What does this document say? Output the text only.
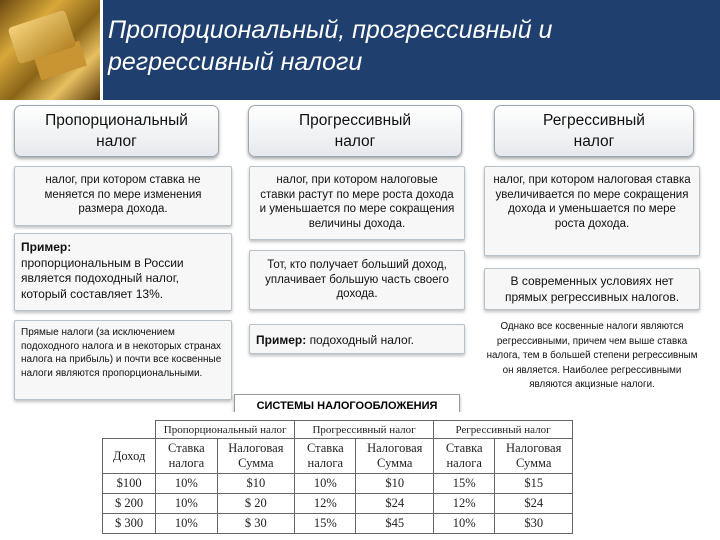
Пропорциональный, прогрессивный и
регрессивный налоги
Пропорциональный
налог
Прогрессивный
налог
Регрессивный
налог
налог, при котором ставка не меняется по мере изменения размера дохода.
Пример:
пропорциональным в России является подоходный налог, который составляет 13%.
Прямые налоги (за исключением подоходного налога и в некоторых странах налога на прибыль) и почти все косвенные налоги являются пропорциональными.
налог, при котором налоговые ставки растут по мере роста дохода и уменьшается по мере сокращения величины дохода.
Тот, кто получает больший доход, уплачивает большую часть своего дохода.
Пример: подоходный налог.
налог, при котором налоговая ставка увеличивается по мере сокращения дохода и уменьшается по мере роста дохода.
В современных условиях нет прямых регрессивных налогов.
Однако все косвенные налоги являются регрессивными, причем чем выше ставка налога, тем в большей степени регрессивным он является. Наиболее регрессивными являются акцизные налоги.
СИСТЕМЫ НАЛОГООБЛОЖЕНИЯ
	Пропорциональный налог		Прогрессивный налог		Регрессивный налог	
Доход	Ставка налога	Налоговая Сумма	Ставка налога	Налоговая Сумма	Ставка налога	Налоговая Сумма
$100	10%	$10	10%	$10	15%	$15
$ 200	10%	$ 20	12%	$24	12%	$24
$ 300	10%	$ 30	15%	$45	10%	$30
